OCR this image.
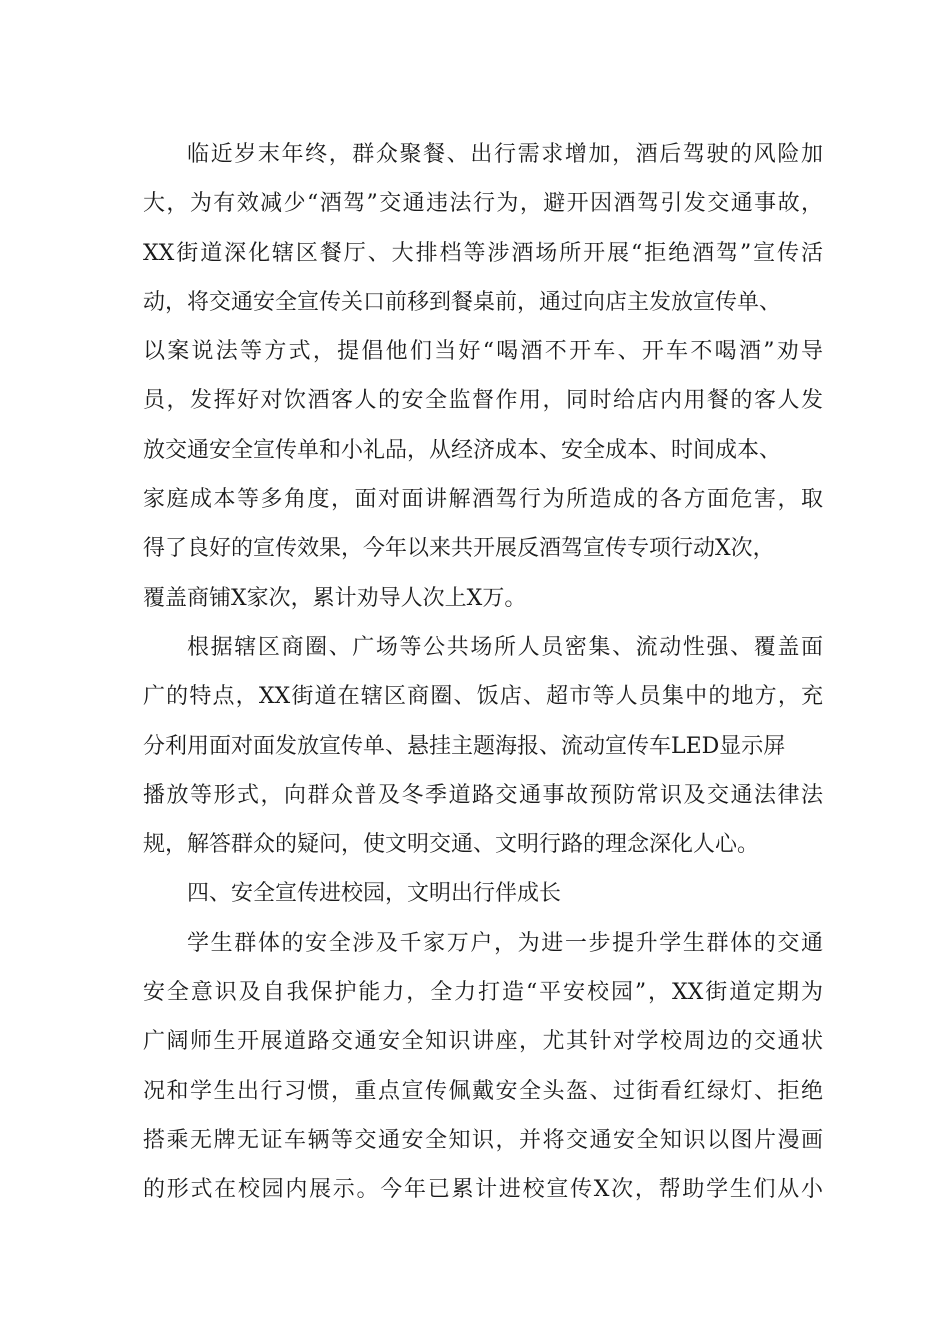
临近岁末年终，群众聚餐、出行需求增加，酒后驾驶的风险加
大，为有效减少“酒驾”交通违法行为，避开因酒驾引发交通事故，
XX街道深化辖区餐厅、大排档等涉酒场所开展“拒绝酒驾”宣传活
动，将交通安全宣传关口前移到餐桌前，通过向店主发放宣传单、
以案说法等方式，提倡他们当好“喝酒不开车、开车不喝酒”劝导
员，发挥好对饮酒客人的安全监督作用，同时给店内用餐的客人发
放交通安全宣传单和小礼品，从经济成本、安全成本、时间成本、
家庭成本等多角度，面对面讲解酒驾行为所造成的各方面危害，取
得了良好的宣传效果，今年以来共开展反酒驾宣传专项行动X次，
覆盖商铺X家次，累计劝导人次上X万。
根据辖区商圈、广场等公共场所人员密集、流动性强、覆盖面
广的特点，XX街道在辖区商圈、饭店、超市等人员集中的地方，充
分利用面对面发放宣传单、悬挂主题海报、流动宣传车LED显示屏
播放等形式，向群众普及冬季道路交通事故预防常识及交通法律法
规，解答群众的疑问，使文明交通、文明行路的理念深化人心。
四、安全宣传进校园，文明出行伴成长
学生群体的安全涉及千家万户，为进一步提升学生群体的交通
安全意识及自我保护能力，全力打造“平安校园”，XX街道定期为
广阔师生开展道路交通安全知识讲座，尤其针对学校周边的交通状
况和学生出行习惯，重点宣传佩戴安全头盔、过街看红绿灯、拒绝
搭乘无牌无证车辆等交通安全知识，并将交通安全知识以图片漫画
的形式在校园内展示。今年已累计进校宣传X次，帮助学生们从小
